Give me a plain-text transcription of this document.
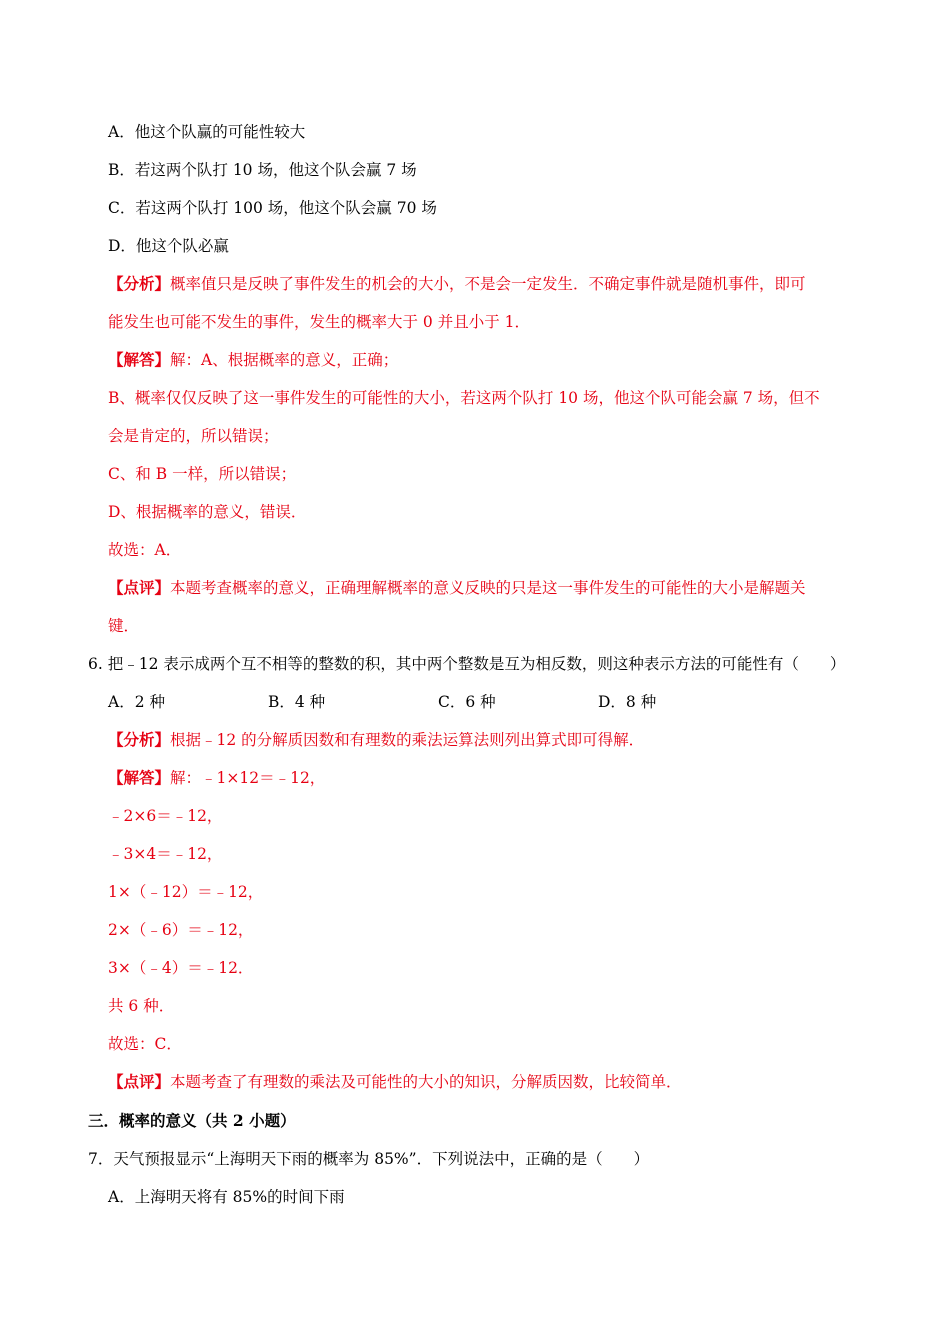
A．他这个队赢的可能性较大
B．若这两个队打 10 场，他这个队会赢 7 场
C．若这两个队打 100 场，他这个队会赢 70 场
D．他这个队必赢
【分析】概率值只是反映了事件发生的机会的大小，不是会一定发生．不确定事件就是随机事件，即可
能发生也可能不发生的事件，发生的概率大于 0 并且小于 1．
【解答】解：A、根据概率的意义，正确；
B、概率仅仅反映了这一事件发生的可能性的大小，若这两个队打 10 场，他这个队可能会赢 7 场，但不
会是肯定的，所以错误；
C、和 B 一样，所以错误；
D、根据概率的意义，错误．
故选：A．
【点评】本题考查概率的意义，正确理解概率的意义反映的只是这一事件发生的可能性的大小是解题关
键．
6. 把﹣12 表示成两个互不相等的整数的积，其中两个整数是互为相反数，则这种表示方法的可能性有（　　）
A．2 种	B．4 种	C．6 种	D．8 种
【分析】根据﹣12 的分解质因数和有理数的乘法运算法则列出算式即可得解．
【解答】解：﹣1×12＝﹣12，
﹣2×6＝﹣12，
﹣3×4＝﹣12，
1×（﹣12）＝﹣12，
2×（﹣6）＝﹣12，
3×（﹣4）＝﹣12．
共 6 种．
故选：C．
【点评】本题考查了有理数的乘法及可能性的大小的知识，分解质因数，比较简单．
三．概率的意义（共 2 小题）
7．天气预报显示“上海明天下雨的概率为 85%”．下列说法中，正确的是（　　）
A．上海明天将有 85%的时间下雨
